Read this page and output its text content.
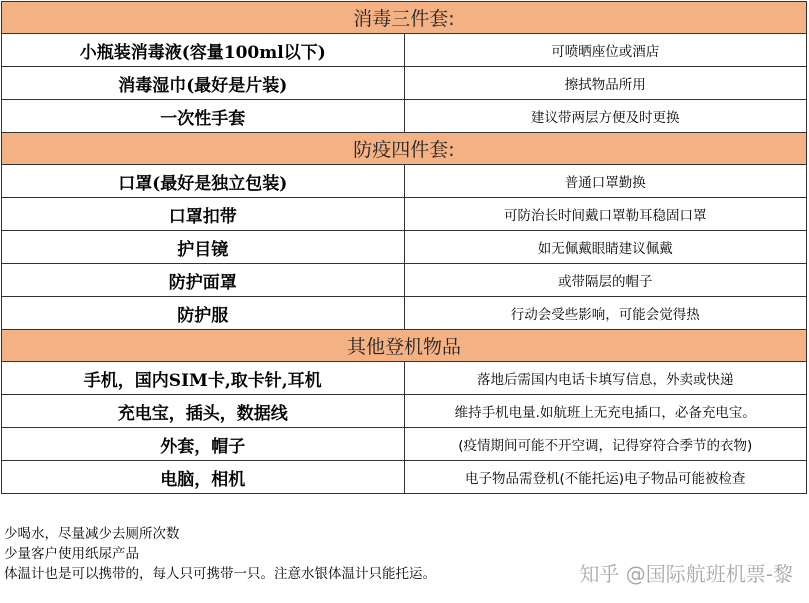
消毒三件套:	
小瓶装消毒液(容量100ml以下)	可喷晒座位或酒店
消毒湿巾(最好是片装)	擦拭物品所用
一次性手套	建议带两层方便及时更换
防疫四件套:	
口罩(最好是独立包装)	普通口罩勤换
口罩扣带	可防治长时间戴口罩勒耳稳固口罩
护目镜	如无佩戴眼睛建议佩戴
防护面罩	或带隔层的帽子
防护服	行动会受些影响，可能会觉得热
其他登机物品	
手机，国内SIM卡,取卡针,耳机	落地后需国内电话卡填写信息，外卖或快递
充电宝，插头，数据线	维持手机电量.如航班上无充电插口，必备充电宝。
外套，帽子	(疫情期间可能不开空调，记得穿符合季节的衣物)
电脑，相机	电子物品需登机(不能托运)电子物品可能被检查
少喝水，尽量减少去厕所次数
少量客户使用纸尿产品
体温计也是可以携带的，每人只可携带一只。注意水银体温计只能托运。	知乎 @国际航班机票-黎
